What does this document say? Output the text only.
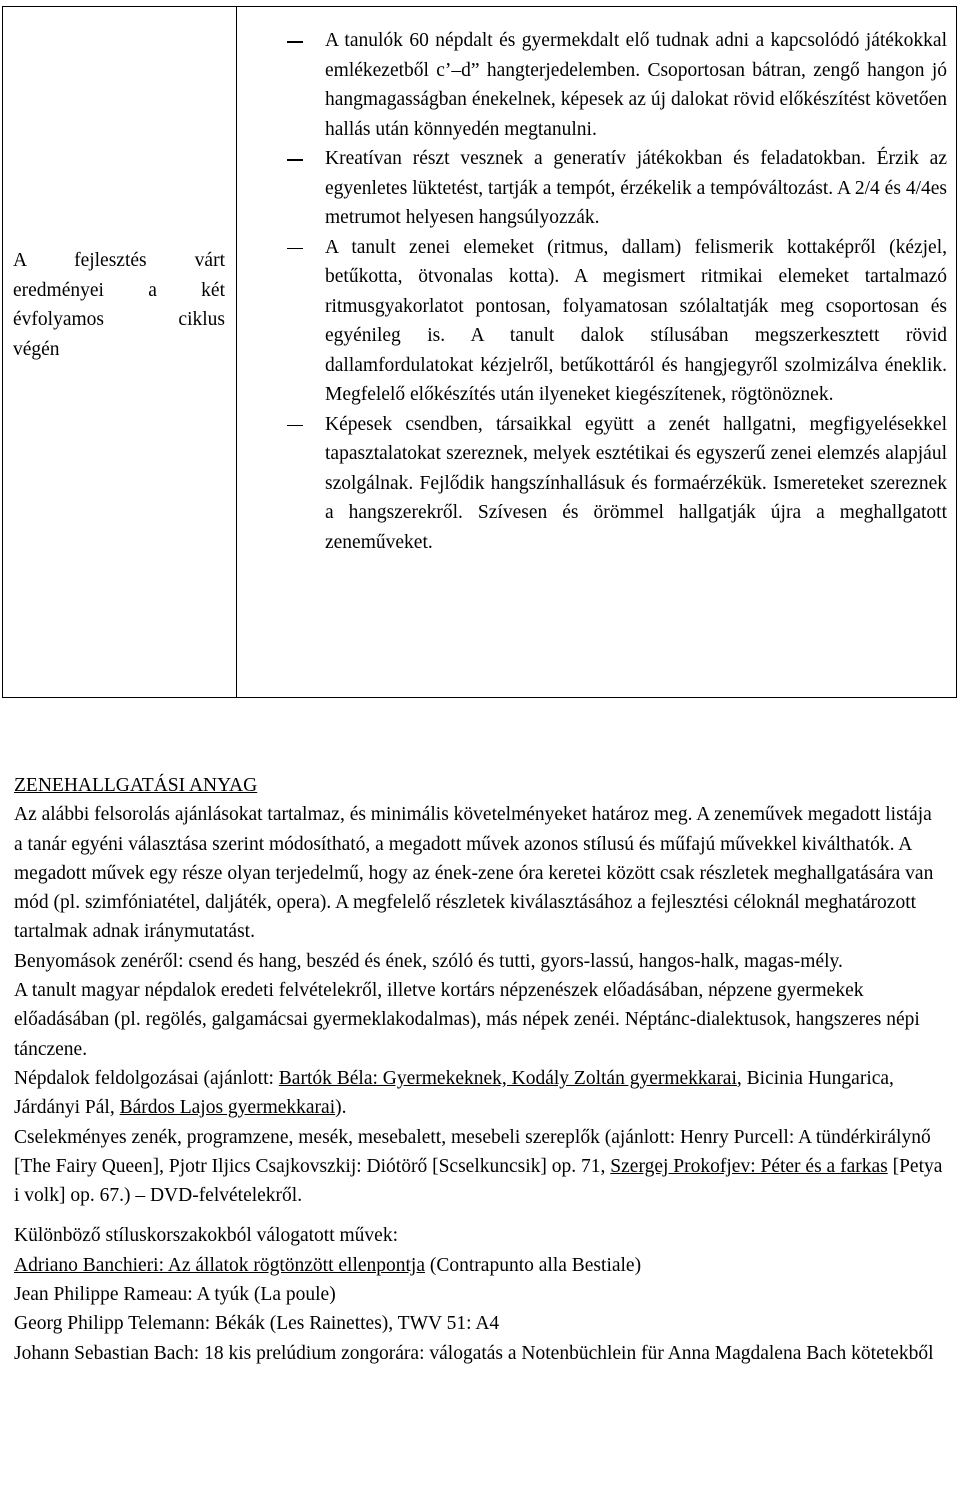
A fejlesztés várt
eredményei a két
évfolyamos ciklus
végén
A tanulók 60 népdalt és gyermekdalt elő tudnak adni a kapcsolódó játékokkal emlékezetből c’–d” hangterjedelemben. Csoportosan bátran, zengő hangon jó hangmagasságban énekelnek, képesek az új dalokat rövid előkészítést követően hallás után könnyedén megtanulni.
Kreatívan részt vesznek a generatív játékokban és feladatokban. Érzik az egyenletes lüktetést, tartják a tempót, érzékelik a tempóváltozást. A 2/4 és 4/4es metrumot helyesen hangsúlyozzák.
A tanult zenei elemeket (ritmus, dallam) felismerik kottaképről (kézjel, betűkotta, ötvonalas kotta). A megismert ritmikai elemeket tartalmazó ritmusgyakorlatot pontosan, folyamatosan szólaltatják meg csoportosan és egyénileg is. A tanult dalok stílusában megszerkesztett rövid dallamfordulatokat kézjelről, betűkottáról és hangjegyről szolmizálva éneklik. Megfelelő előkészítés után ilyeneket kiegészítenek, rögtönöznek.
Képesek csendben, társaikkal együtt a zenét hallgatni, megfigyelésekkel tapasztalatokat szereznek, melyek esztétikai és egyszerű zenei elemzés alapjául szolgálnak. Fejlődik hangszínhallásuk és formaérzékük. Ismereteket szereznek a hangszerekről. Szívesen és örömmel hallgatják újra a meghallgatott zeneműveket.

ZENEHALLGATÁSI ANYAG

Az alábbi felsorolás ajánlásokat tartalmaz, és minimális követelményeket határoz meg. A zeneművek megadott listája a tanár egyéni választása szerint módosítható, a megadott művek azonos stílusú és műfajú művekkel kiválthatók. A megadott művek egy része olyan terjedelmű, hogy az ének-zene óra keretei között csak részletek meghallgatására van mód (pl. szimfóniatétel, daljáték, opera). A megfelelő részletek kiválasztásához a fejlesztési céloknál meghatározott tartalmak adnak iránymutatást.

Benyomások zenéről: csend és hang, beszéd és ének, szóló és tutti, gyors-lassú, hangos-halk, magas-mély.

A tanult magyar népdalok eredeti felvételekről, illetve kortárs népzenészek előadásában, népzene gyermekek előadásában (pl. regölés, galgamácsai gyermeklakodalmas), más népek zenéi. Néptánc-dialektusok, hangszeres népi tánczene.

Népdalok feldolgozásai (ajánlott: Bartók Béla: Gyermekeknek, Kodály Zoltán gyermekkarai, Bicinia Hungarica, Járdányi Pál, Bárdos Lajos gyermekkarai).

Cselekményes zenék, programzene, mesék, mesebalett, mesebeli szereplők (ajánlott: Henry Purcell: A tündérkirálynő [The Fairy Queen], Pjotr Iljics Csajkovszkij: Diótörő [Scselkuncsik] op. 71, Szergej Prokofjev: Péter és a farkas [Petya i volk] op. 67.) – DVD-felvételekről.

Különböző stíluskorszakokból válogatott művek:

Adriano Banchieri: Az állatok rögtönzött ellenpontja (Contrapunto alla Bestiale)

Jean Philippe Rameau: A tyúk (La poule)

Georg Philipp Telemann: Békák (Les Rainettes), TWV 51: A4

Johann Sebastian Bach: 18 kis prelúdium zongorára: válogatás a Notenbüchlein für Anna Magdalena Bach kötetekből
